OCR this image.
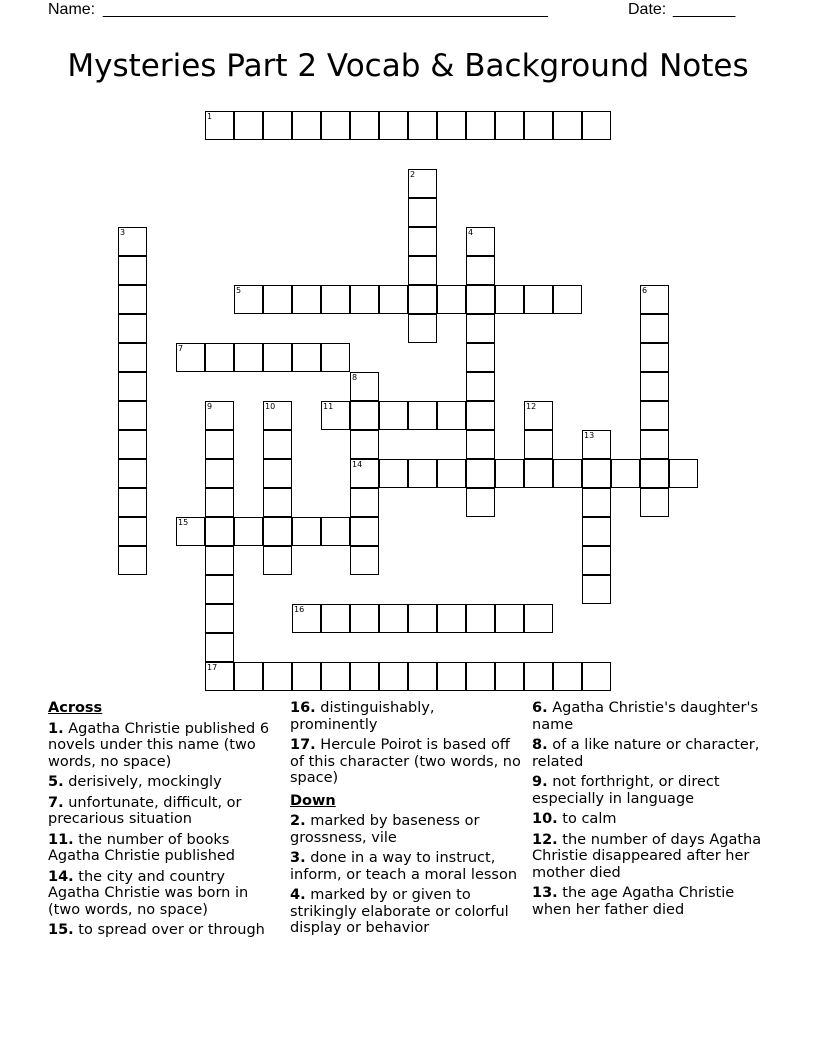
Name:

__________________________________________________

	Date:

_______

Mysteries Part 2 Vocab & Background Notes
1
2
3	4
5	6
7
8
9	10	11	12
13
14
15
16
17
Across
1. Agatha Christie published 6 novels under this name (two words, no space)
5. derisively, mockingly
7. unfortunate, difficult, or precarious situation
11. the number of books Agatha Christie published
14. the city and country Agatha Christie was born in (two words, no space)
15. to spread over or through
16. distinguishably, prominently
17. Hercule Poirot is based off of this character (two words, no space)
Down
2. marked by baseness or grossness, vile
3. done in a way to instruct, inform, or teach a moral lesson
4. marked by or given to strikingly elaborate or colorful display or behavior
6. Agatha Christie's daughter's name
8. of a like nature or character, related
9. not forthright, or direct especially in language
10. to calm
12. the number of days Agatha Christie disappeared after her mother died
13. the age Agatha Christie when her father died
